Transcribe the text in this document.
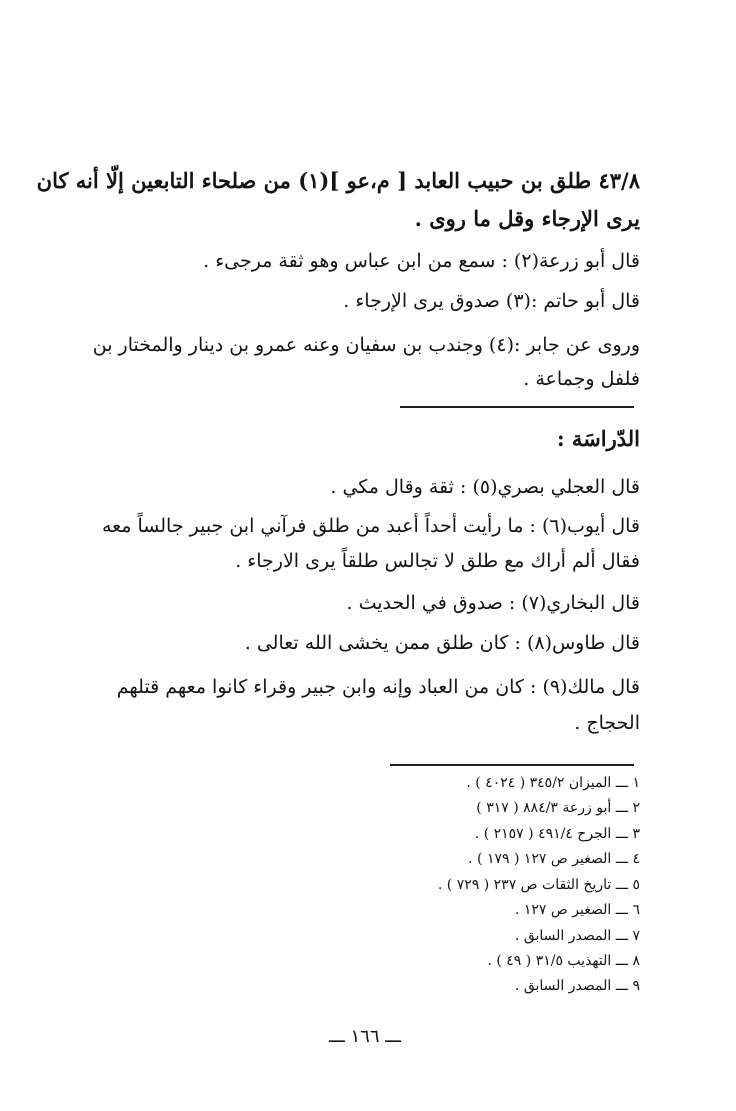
٤٣/٨ طلق بن حبيب العابد [ م،عو ](١) من صلحاء التابعين إلّا أنه كان
يرى الإرجاء وقل ما روى .
قال أبو زرعة(٢) : سمع من ابن عباس وهو ثقة مرجىء .
قال أبو حاتم :(٣) صدوق يرى الإرجاء .
وروى عن جابر :(٤) وجندب بن سفيان وعنه عمرو بن دينار والمختار بن
فلفل وجماعة .
الدّراسَة :
قال العجلي بصري(٥) : ثقة وقال مكي .
قال أيوب(٦) : ما رأيت أحداً أعبد من طلق فرآني ابن جبير جالساً معه
فقال ألم أراك مع طلق لا تجالس طلقاً يرى الارجاء .
قال البخاري(٧) : صدوق في الحديث .
قال طاوس(٨) : كان طلق ممن يخشى الله تعالى .
قال مالك(٩) : كان من العباد وإنه وابن جبير وقراء كانوا معهم قتلهم
الحجاج .
١ ـــ الميزان ٣٤٥/٢ ( ٤٠٢٤ ) .
٢ ـــ أبو زرعة ٨٨٤/٣ ( ٣١٧ )
٣ ـــ الجرح ٤٩١/٤ ( ٢١٥٧ ) .
٤ ـــ الصغير ص ١٢٧ ( ١٧٩ ) .
٥ ـــ تاريخ الثقات ص ٢٣٧ ( ٧٢٩ ) .
٦ ـــ الصغير ص ١٢٧ .
٧ ـــ المصدر السابق .
٨ ـــ التهذيب ٣١/٥ ( ٤٩ ) .
٩ ـــ المصدر السابق .
ـــ ١٦٦ ـــ
